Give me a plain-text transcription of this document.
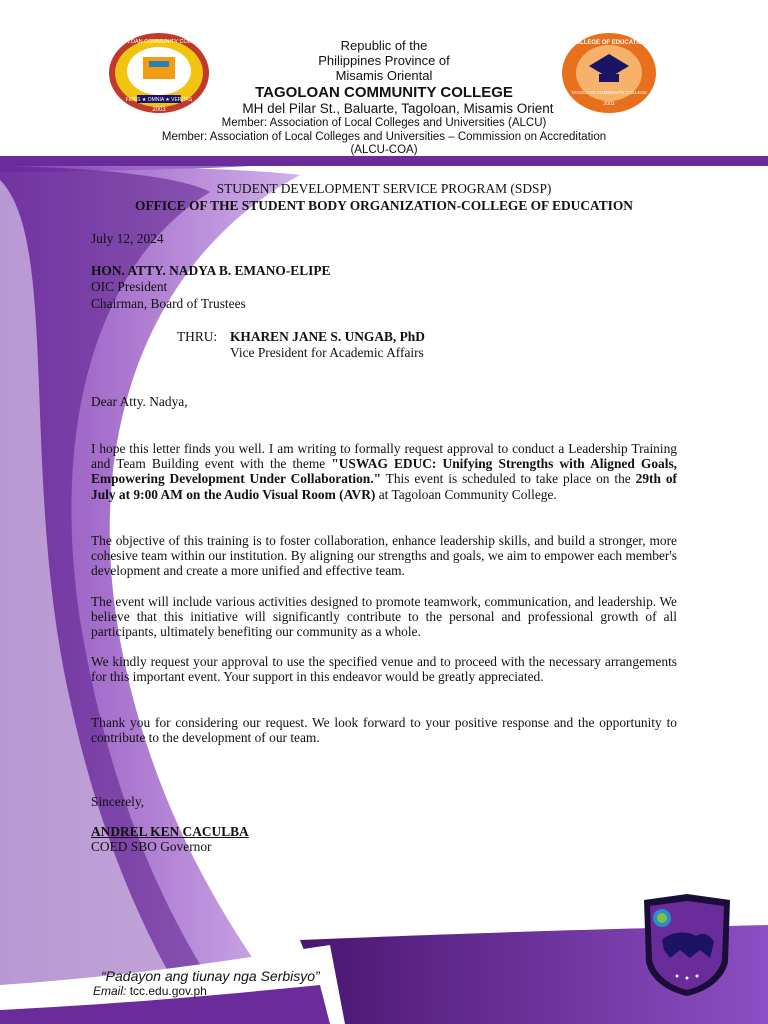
FIDES ★ OMNIA ★ VERITAS
2003
TAGOLOAN COMMUNITY COLLEGE	COLLEGE OF EDUCATION
TAGOLOAN COMMUNITY COLLEGE
2003
Republic of the
Philippines Province of
Misamis Oriental
TAGOLOAN COMMUNITY COLLEGE
MH del Pilar St., Baluarte, Tagoloan, Misamis Orient
Member: Association of Local Colleges and Universities (ALCU)
Member: Association of Local Colleges and Universities – Commission on Accreditation
(ALCU-COA)
STUDENT DEVELOPMENT SERVICE PROGRAM (SDSP)
OFFICE OF THE STUDENT BODY ORGANIZATION-COLLEGE OF EDUCATION
July 12, 2024
HON. ATTY. NADYA B. EMANO-ELIPE
OIC President
Chairman, Board of Trustees
THRU: KHAREN JANE S. UNGAB, PhD
Vice President for Academic Affairs
Dear Atty. Nadya,
I hope this letter finds you well. I am writing to formally request approval to conduct a Leadership Training and Team Building event with the theme "USWAG EDUC: Unifying Strengths with Aligned Goals, Empowering Development Under Collaboration." This event is scheduled to take place on the 29th of July at 9:00 AM on the Audio Visual Room (AVR) at Tagoloan Community College.
The objective of this training is to foster collaboration, enhance leadership skills, and build a stronger, more cohesive team within our institution. By aligning our strengths and goals, we aim to empower each member's development and create a more unified and effective team.
The event will include various activities designed to promote teamwork, communication, and leadership. We believe that this initiative will significantly contribute to the personal and professional growth of all participants, ultimately benefiting our community as a whole.
We kindly request your approval to use the specified venue and to proceed with the necessary arrangements for this important event. Your support in this endeavor would be greatly appreciated.
Thank you for considering our request. We look forward to your positive response and the opportunity to contribute to the development of our team.
Sincerely,
ANDREL KEN CACULBA
COED SBO Governor
“Padayon ang tiunay nga Serbisyo”
Email: tcc.edu.gov.ph
